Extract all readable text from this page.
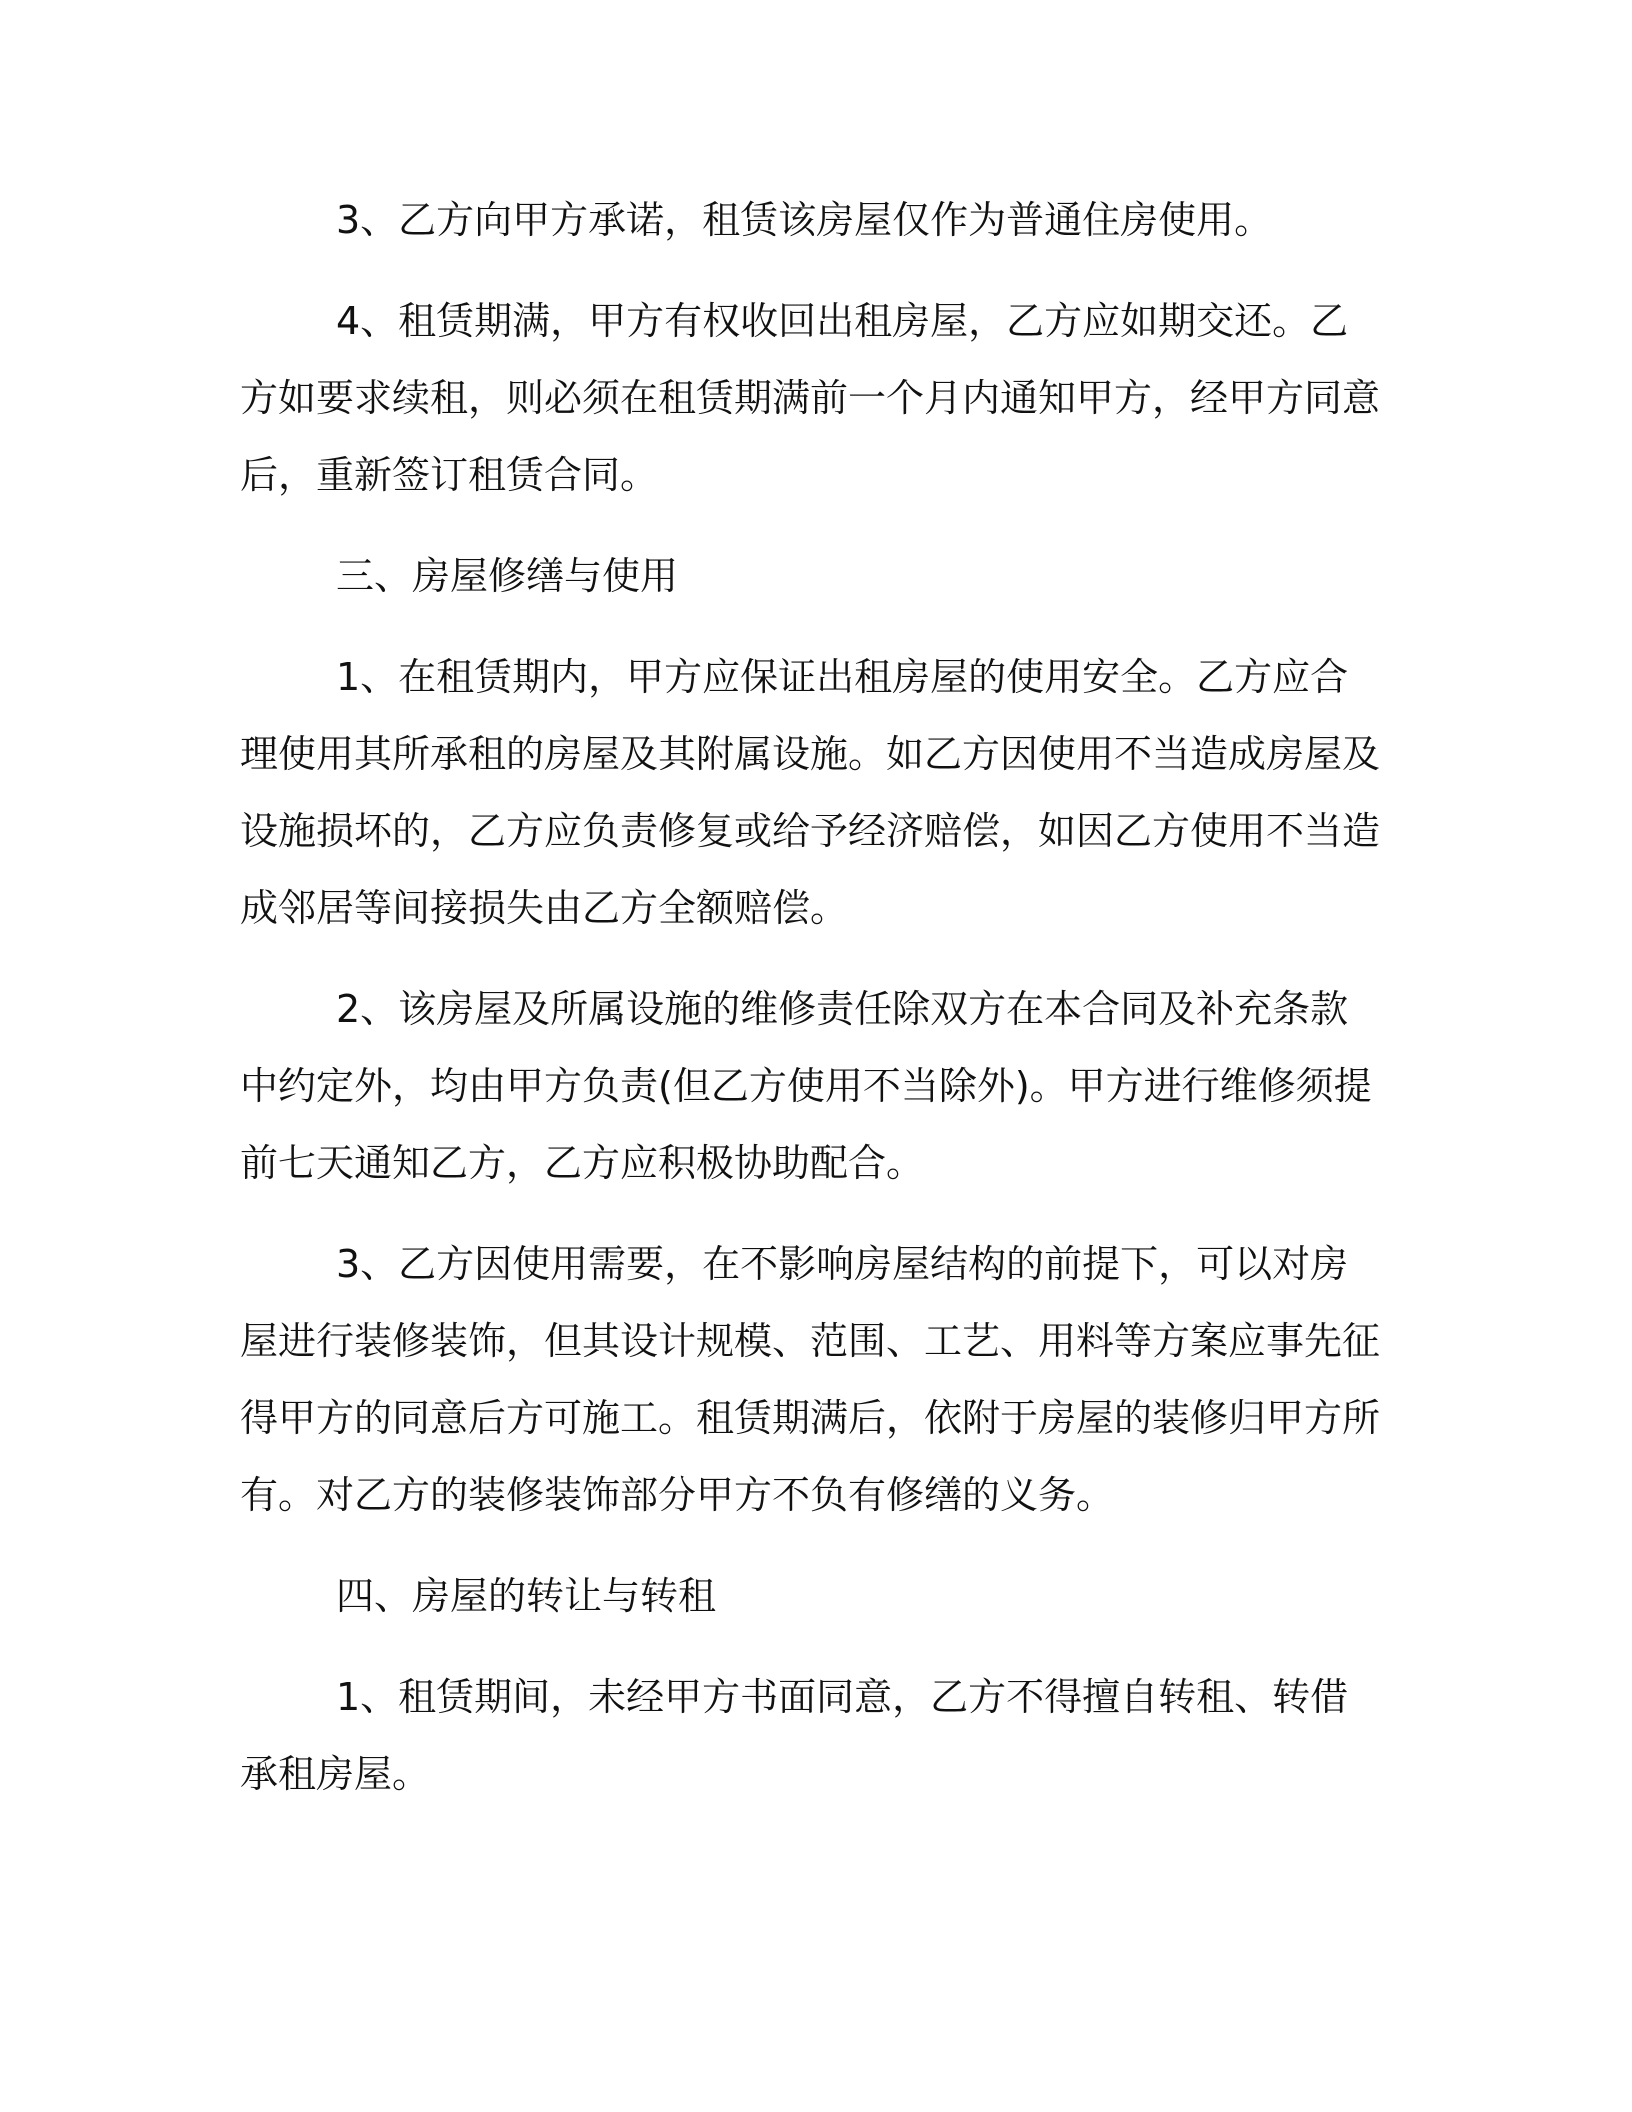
3、乙方向甲方承诺，租赁该房屋仅作为普通住房使用。

4、租赁期满，甲方有权收回出租房屋，乙方应如期交还。乙方如要求续租，则必须在租赁期满前一个月内通知甲方，经甲方同意后，重新签订租赁合同。

三、房屋修缮与使用

1、在租赁期内，甲方应保证出租房屋的使用安全。乙方应合理使用其所承租的房屋及其附属设施。如乙方因使用不当造成房屋及设施损坏的，乙方应负责修复或给予经济赔偿，如因乙方使用不当造成邻居等间接损失由乙方全额赔偿。

2、该房屋及所属设施的维修责任除双方在本合同及补充条款中约定外，均由甲方负责(但乙方使用不当除外)。甲方进行维修须提前七天通知乙方，乙方应积极协助配合。

3、乙方因使用需要，在不影响房屋结构的前提下，可以对房屋进行装修装饰，但其设计规模、范围、工艺、用料等方案应事先征得甲方的同意后方可施工。租赁期满后，依附于房屋的装修归甲方所有。对乙方的装修装饰部分甲方不负有修缮的义务。

四、房屋的转让与转租

1、租赁期间，未经甲方书面同意，乙方不得擅自转租、转借承租房屋。
